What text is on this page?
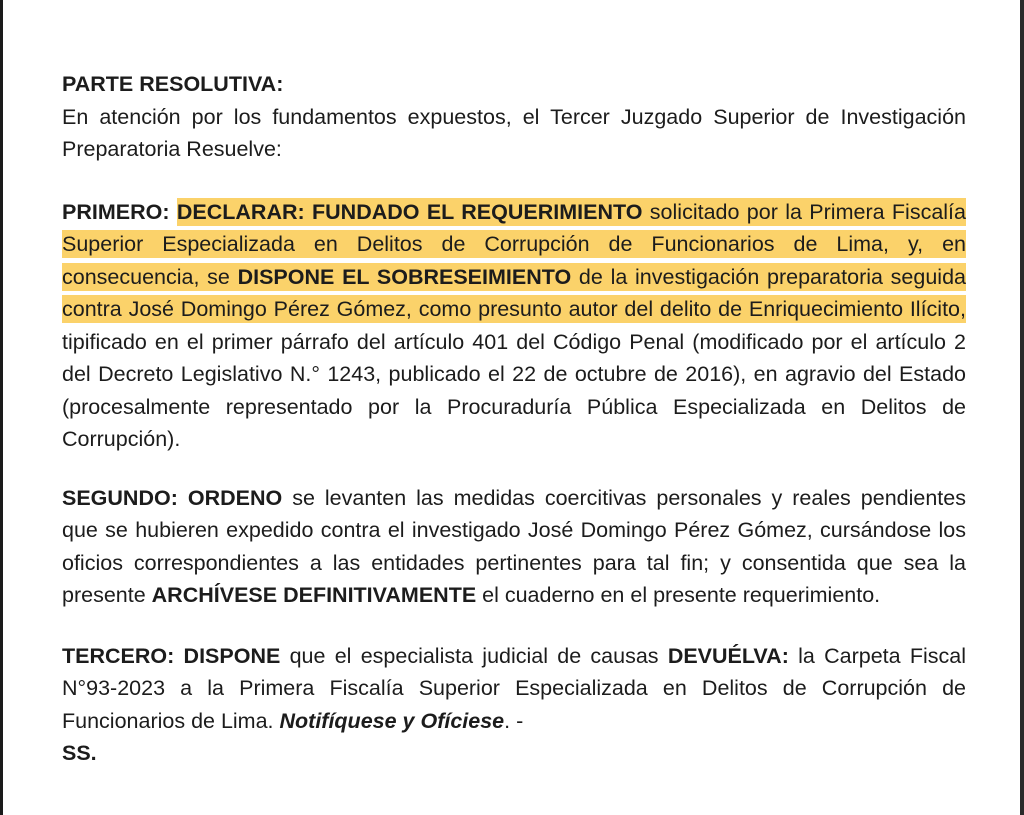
PARTE RESOLUTIVA:

En atención por los fundamentos expuestos, el Tercer Juzgado Superior de Investigación Preparatoria Resuelve:

PRIMERO: DECLARAR: FUNDADO EL REQUERIMIENTO solicitado por la Primera Fiscalía Superior Especializada en Delitos de Corrupción de Funcionarios de Lima, y, en consecuencia, se DISPONE EL SOBRESEIMIENTO de la investigación preparatoria seguida contra José Domingo Pérez Gómez, como presunto autor del delito de Enriquecimiento Ilícito, tipificado en el primer párrafo del artículo 401 del Código Penal (modificado por el artículo 2 del Decreto Legislativo N.° 1243, publicado el 22 de octubre de 2016), en agravio del Estado (procesalmente representado por la Procuraduría Pública Especializada en Delitos de Corrupción).

SEGUNDO: ORDENO se levanten las medidas coercitivas personales y reales pendientes que se hubieren expedido contra el investigado José Domingo Pérez Gómez, cursándose los oficios correspondientes a las entidades pertinentes para tal fin; y consentida que sea la presente ARCHÍVESE DEFINITIVAMENTE el cuaderno en el presente requerimiento.

TERCERO: DISPONE que el especialista judicial de causas DEVUÉLVA: la Carpeta Fiscal N°93-2023 a la Primera Fiscalía Superior Especializada en Delitos de Corrupción de Funcionarios de Lima. Notifíquese y Ofíciese. -

SS.
